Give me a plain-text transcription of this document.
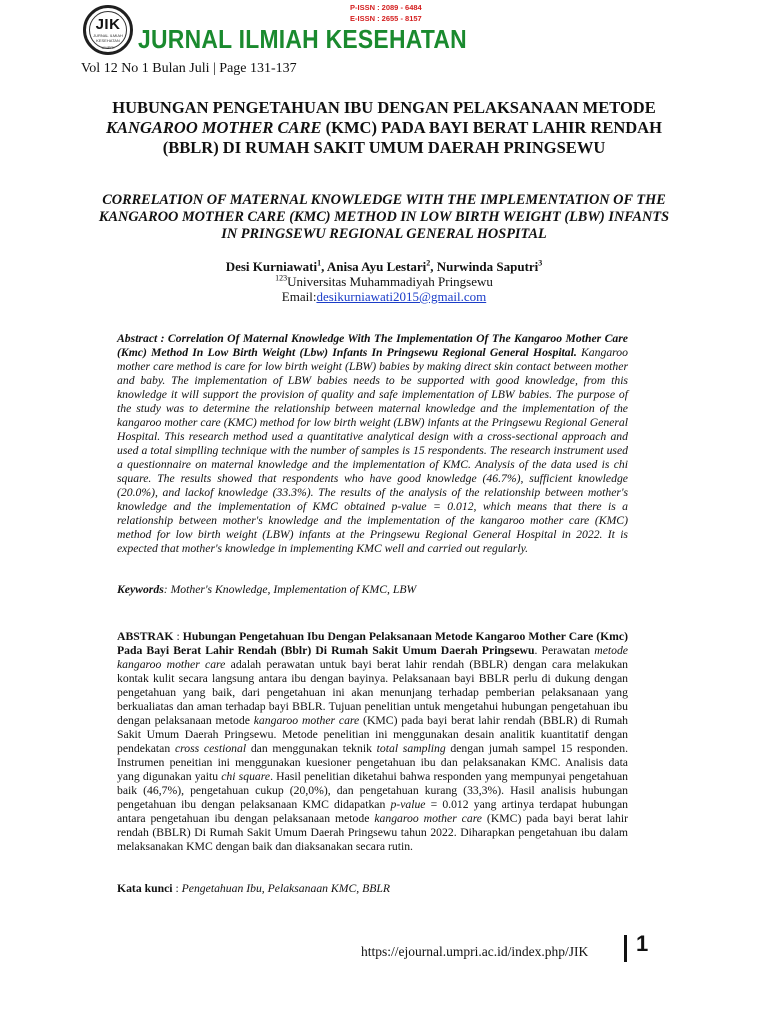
JIK
JURNAL ILMIAH KESEHATAN
UMPRI
P-ISSN : 2089 - 6484
E-ISSN : 2655 - 8157
JURNAL ILMIAH KESEHATAN
Vol 12 No 1 Bulan Juli | Page 131-137
HUBUNGAN PENGETAHUAN IBU DENGAN PELAKSANAAN METODE KANGAROO MOTHER CARE (KMC) PADA BAYI BERAT LAHIR RENDAH (BBLR) DI RUMAH SAKIT UMUM DAERAH PRINGSEWU
CORRELATION OF MATERNAL KNOWLEDGE WITH THE IMPLEMENTATION OF THE KANGAROO MOTHER CARE (KMC) METHOD IN LOW BIRTH WEIGHT (LBW) INFANTS IN PRINGSEWU REGIONAL GENERAL HOSPITAL
Desi Kurniawati$^1$, Anisa Ayu Lestari$^2$, Nurwinda Saputri$^3$
$^{123}$Universitas Muhammadiyah Pringsewu
Email:desikurniawati2015@gmail.com

Abstract : Correlation Of Maternal Knowledge With The Implementation Of The Kangaroo Mother Care (Kmc) Method In Low Birth Weight (Lbw) Infants In Pringsewu Regional General Hospital. Kangaroo mother care method is care for low birth weight (LBW) babies by making direct skin contact between mother and baby. The implementation of LBW babies needs to be supported with good knowledge, from this knowledge it will support the provision of quality and safe implementation of LBW babies. The purpose of the study was to determine the relationship between maternal knowledge and the implementation of the kangaroo mother care (KMC) method for low birth weight (LBW) infants at the Pringsewu Regional General Hospital. This research method used a quantitative analytical design with a cross-sectional approach and used a total simplling technique with the number of samples is 15 respondents. The research instrument used a questionnaire on maternal knowledge and the implementation of KMC. Analysis of the data used is chi square. The results showed that respondents who have good knowledge (46.7%), sufficient knowledge (20.0%), and lackof knowledge (33.3%). The results of the analysis of the relationship between mother's knowledge and the implementation of KMC obtained p-value = 0.012, which means that there is a relationship between mother's knowledge and the implementation of the kangaroo mother care (KMC) method for low birth weight (LBW) infants at the Pringsewu Regional General Hospital in 2022. It is expected that mother's knowledge in implementing KMC well and carried out regularly.

Keywords: Mother's Knowledge, Implementation of KMC, LBW

ABSTRAK : Hubungan Pengetahuan Ibu Dengan Pelaksanaan Metode Kangaroo Mother Care (Kmc) Pada Bayi Berat Lahir Rendah (Bblr) Di Rumah Sakit Umum Daerah Pringsewu. Perawatan metode kangaroo mother care adalah perawatan untuk bayi berat lahir rendah (BBLR) dengan cara melakukan kontak kulit secara langsung antara ibu dengan bayinya. Pelaksanaan bayi BBLR perlu di dukung dengan pengetahuan yang baik, dari pengetahuan ini akan menunjang terhadap pemberian pelaksanaan yang berkualiatas dan aman terhadap bayi BBLR. Tujuan penelitian untuk mengetahui hubungan pengetahuan ibu dengan pelaksanaan metode kangaroo mother care (KMC) pada bayi berat lahir rendah (BBLR) di Rumah Sakit Umum Daerah Pringsewu. Metode penelitian ini menggunakan desain analitik kuantitatif dengan pendekatan cross cestional dan menggunakan teknik total sampling dengan jumah sampel 15 responden. Instrumen peneitian ini menggunakan kuesioner pengetahuan ibu dan pelaksanakan KMC. Analisis data yang digunakan yaitu chi square. Hasil penelitian diketahui bahwa responden yang mempunyai pengetahuan baik (46,7%), pengetahuan cukup (20,0%), dan pengetahuan kurang (33,3%). Hasil analisis hubungan pengetahuan ibu dengan pelaksanaan KMC didapatkan p-value = 0.012 yang artinya terdapat hubungan antara pengetahuan ibu dengan pelaksanaan metode kangaroo mother care (KMC) pada bayi berat lahir rendah (BBLR) Di Rumah Sakit Umum Daerah Pringsewu tahun 2022. Diharapkan pengetahuan ibu dalam melaksanakan KMC dengan baik dan diaksanakan secara rutin.

Kata kunci : Pengetahuan Ibu, Pelaksanaan KMC, BBLR
https://ejournal.umpri.ac.id/index.php/JIK 1
